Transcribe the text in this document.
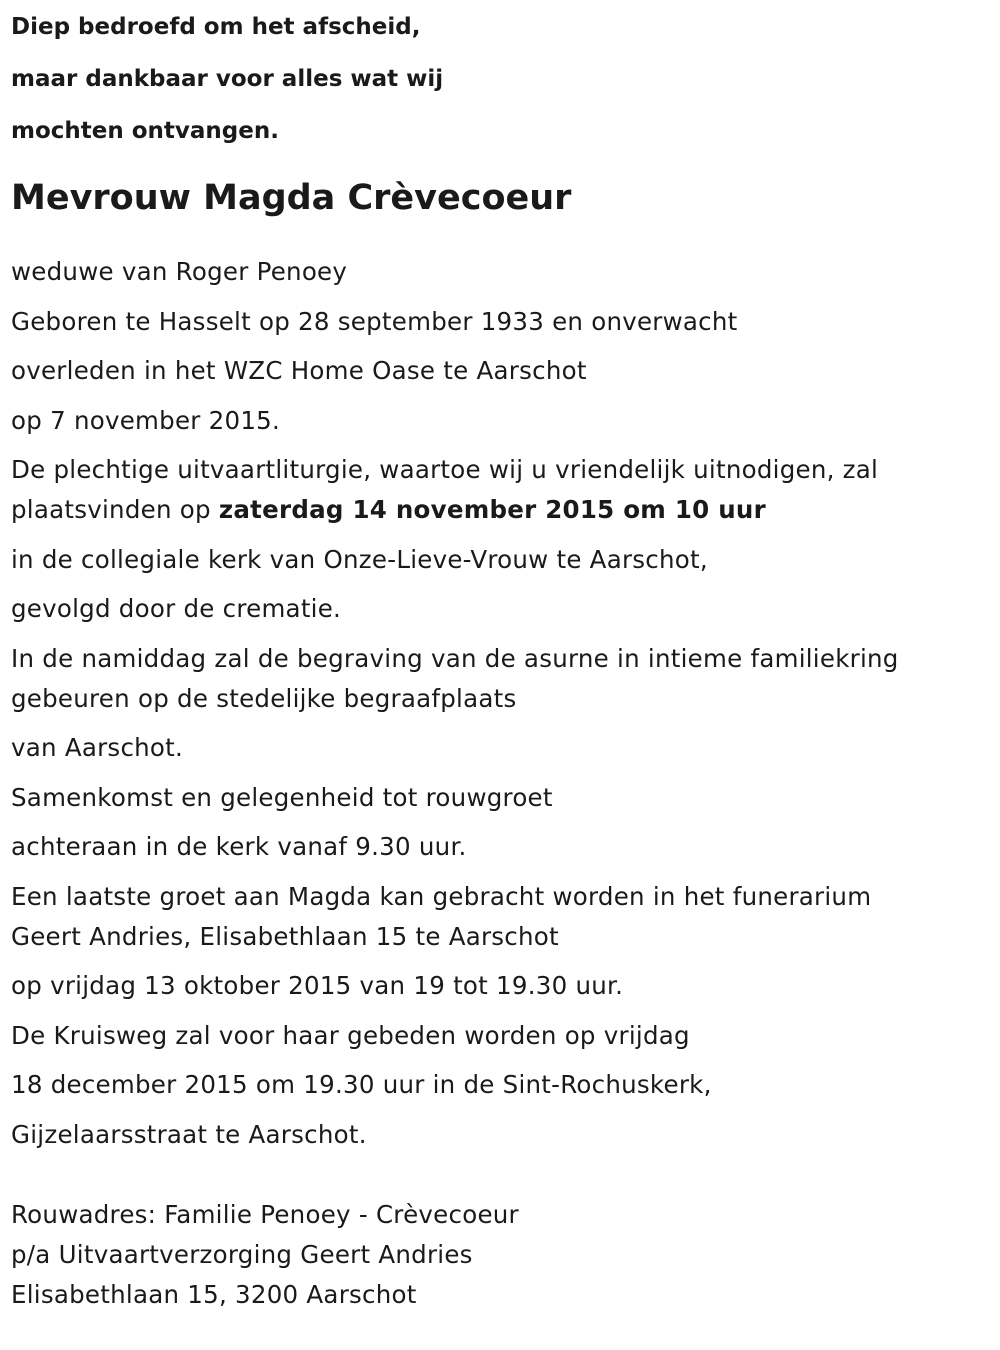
Diep bedroefd om het afscheid,

maar dankbaar voor alles wat wij

mochten ontvangen.

Mevrouw Magda Crèvecoeur

weduwe van Roger Penoey

Geboren te Hasselt op 28 september 1933 en onverwacht

overleden in het WZC Home Oase te Aarschot

op 7 november 2015.

De plechtige uitvaartliturgie, waartoe wij u vriendelijk uitnodigen, zal

plaatsvinden op zaterdag 14 november 2015 om 10 uur

in de collegiale kerk van Onze-Lieve-Vrouw te Aarschot,

gevolgd door de crematie.

In de namiddag zal de begraving van de asurne in intieme familiekring

gebeuren op de stedelijke begraafplaats

van Aarschot.

Samenkomst en gelegenheid tot rouwgroet

achteraan in de kerk vanaf 9.30 uur.

Een laatste groet aan Magda kan gebracht worden in het funerarium

Geert Andries, Elisabethlaan 15 te Aarschot

op vrijdag 13 oktober 2015 van 19 tot 19.30 uur.

De Kruisweg zal voor haar gebeden worden op vrijdag

18 december 2015 om 19.30 uur in de Sint-Rochuskerk,

Gijzelaarsstraat te Aarschot.

Rouwadres: Familie Penoey - Crèvecoeur

p/a Uitvaartverzorging Geert Andries

Elisabethlaan 15, 3200 Aarschot
